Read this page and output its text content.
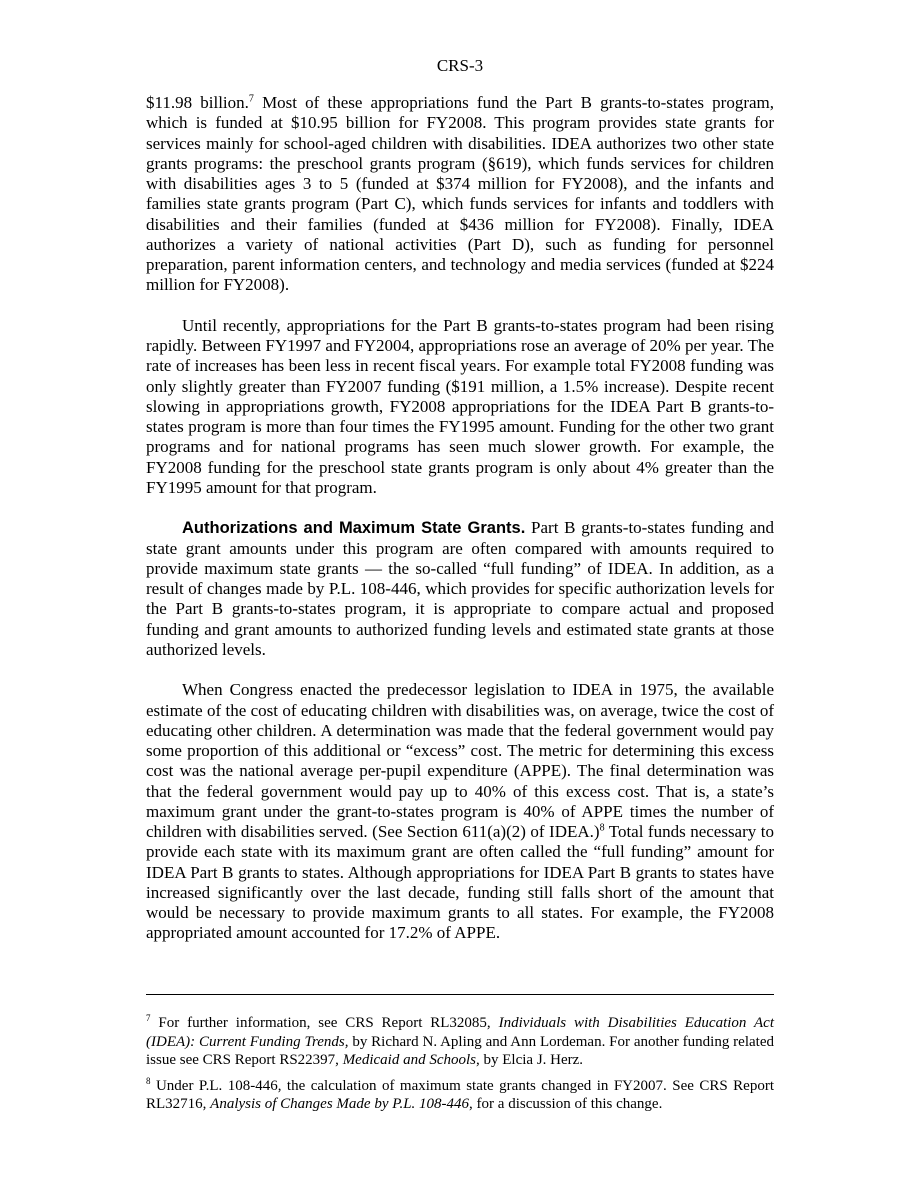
CRS-3

$11.98 billion.$^7$ Most of these appropriations fund the Part B grants-to-states program, which is funded at $10.95 billion for FY2008. This program provides state grants for services mainly for school-aged children with disabilities. IDEA authorizes two other state grants programs: the preschool grants program (§619), which funds services for children with disabilities ages 3 to 5 (funded at $374 million for FY2008), and the infants and families state grants program (Part C), which funds services for infants and toddlers with disabilities and their families (funded at $436 million for FY2008). Finally, IDEA authorizes a variety of national activities (Part D), such as funding for personnel preparation, parent information centers, and technology and media services (funded at $224 million for FY2008).

Until recently, appropriations for the Part B grants-to-states program had been rising rapidly. Between FY1997 and FY2004, appropriations rose an average of 20% per year. The rate of increases has been less in recent fiscal years. For example total FY2008 funding was only slightly greater than FY2007 funding ($191 million, a 1.5% increase). Despite recent slowing in appropriations growth, FY2008 appropriations for the IDEA Part B grants-to-states program is more than four times the FY1995 amount. Funding for the other two grant programs and for national programs has seen much slower growth. For example, the FY2008 funding for the preschool state grants program is only about 4% greater than the FY1995 amount for that program.

Authorizations and Maximum State Grants. Part B grants-to-states funding and state grant amounts under this program are often compared with amounts required to provide maximum state grants — the so-called “full funding” of IDEA. In addition, as a result of changes made by P.L. 108-446, which provides for specific authorization levels for the Part B grants-to-states program, it is appropriate to compare actual and proposed funding and grant amounts to authorized funding levels and estimated state grants at those authorized levels.

When Congress enacted the predecessor legislation to IDEA in 1975, the available estimate of the cost of educating children with disabilities was, on average, twice the cost of educating other children. A determination was made that the federal government would pay some proportion of this additional or “excess” cost. The metric for determining this excess cost was the national average per-pupil expenditure (APPE). The final determination was that the federal government would pay up to 40% of this excess cost. That is, a state’s maximum grant under the grant-to-states program is 40% of APPE times the number of children with disabilities served. (See Section 611(a)(2) of IDEA.)$^8$ Total funds necessary to provide each state with its maximum grant are often called the “full funding” amount for IDEA Part B grants to states. Although appropriations for IDEA Part B grants to states have increased significantly over the last decade, funding still falls short of the amount that would be necessary to provide maximum grants to all states. For example, the FY2008 appropriated amount accounted for 17.2% of APPE.

$^7$ For further information, see CRS Report RL32085, Individuals with Disabilities Education Act (IDEA): Current Funding Trends, by Richard N. Apling and Ann Lordeman. For another funding related issue see CRS Report RS22397, Medicaid and Schools, by Elcia J. Herz.

$^8$ Under P.L. 108-446, the calculation of maximum state grants changed in FY2007. See CRS Report RL32716, Analysis of Changes Made by P.L. 108-446, for a discussion of this change.
